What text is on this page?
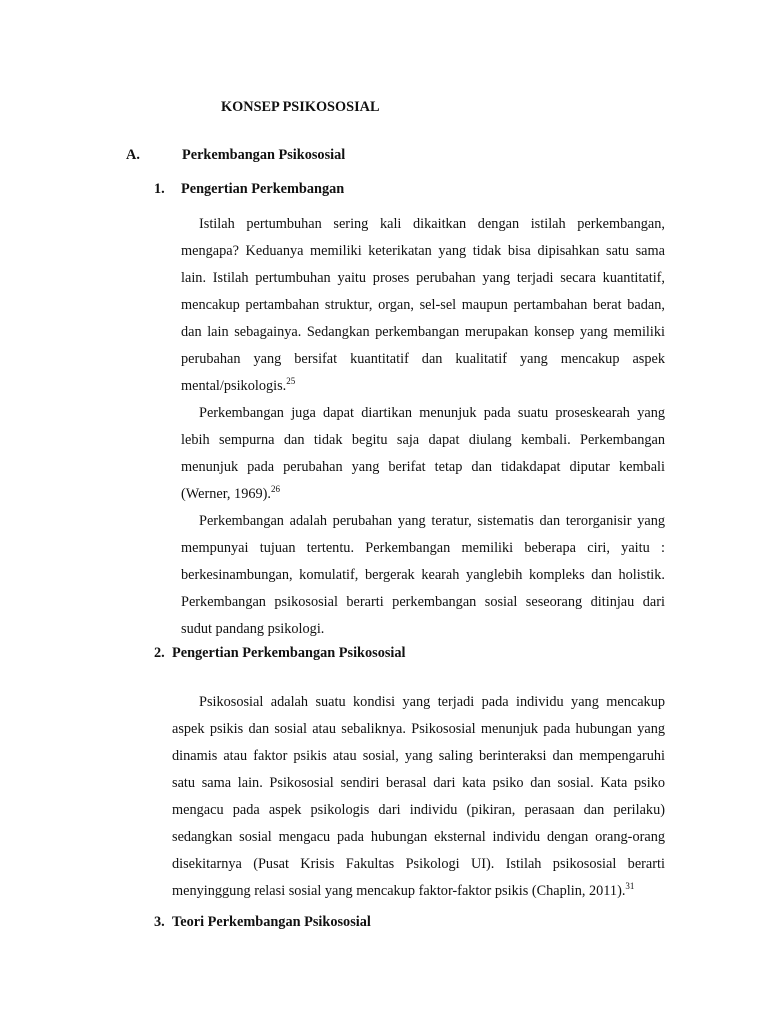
KONSEP PSIKOSOSIAL
A.	Perkembangan Psikososial
1. Pengertian Perkembangan

Istilah pertumbuhan sering kali dikaitkan dengan istilah perkembangan, mengapa? Keduanya memiliki keterikatan yang tidak bisa dipisahkan satu sama lain. Istilah pertumbuhan yaitu proses perubahan yang terjadi secara kuantitatif, mencakup pertambahan struktur, organ, sel-sel maupun pertambahan berat badan, dan lain sebagainya. Sedangkan perkembangan merupakan konsep yang memiliki perubahan yang bersifat kuantitatif dan kualitatif yang mencakup aspek mental/psikologis.$^{25}$

Perkembangan juga dapat diartikan menunjuk pada suatu proseskearah yang lebih sempurna dan tidak begitu saja dapat diulang kembali. Perkembangan menunjuk pada perubahan yang berifat tetap dan tidakdapat diputar kembali (Werner, 1969).$^{26}$

Perkembangan adalah perubahan yang teratur, sistematis dan terorganisir yang mempunyai tujuan tertentu. Perkembangan memiliki beberapa ciri, yaitu : berkesinambungan, komulatif, bergerak kearah yanglebih kompleks dan holistik. Perkembangan psikososial berarti perkembangan sosial seseorang ditinjau dari sudut pandang psikologi.

2. Pengertian Perkembangan Psikososial

Psikososial adalah suatu kondisi yang terjadi pada individu yang mencakup aspek psikis dan sosial atau sebaliknya. Psikososial menunjuk pada hubungan yang dinamis atau faktor psikis atau sosial, yang saling berinteraksi dan mempengaruhi satu sama lain. Psikososial sendiri berasal dari kata psiko dan sosial. Kata psiko mengacu pada aspek psikologis dari individu (pikiran, perasaan dan perilaku) sedangkan sosial mengacu pada hubungan eksternal individu dengan orang-orang disekitarnya (Pusat Krisis Fakultas Psikologi UI). Istilah psikososial berarti menyinggung relasi sosial yang mencakup faktor-faktor psikis (Chaplin, 2011).$^{31}$

3. Teori Perkembangan Psikososial
